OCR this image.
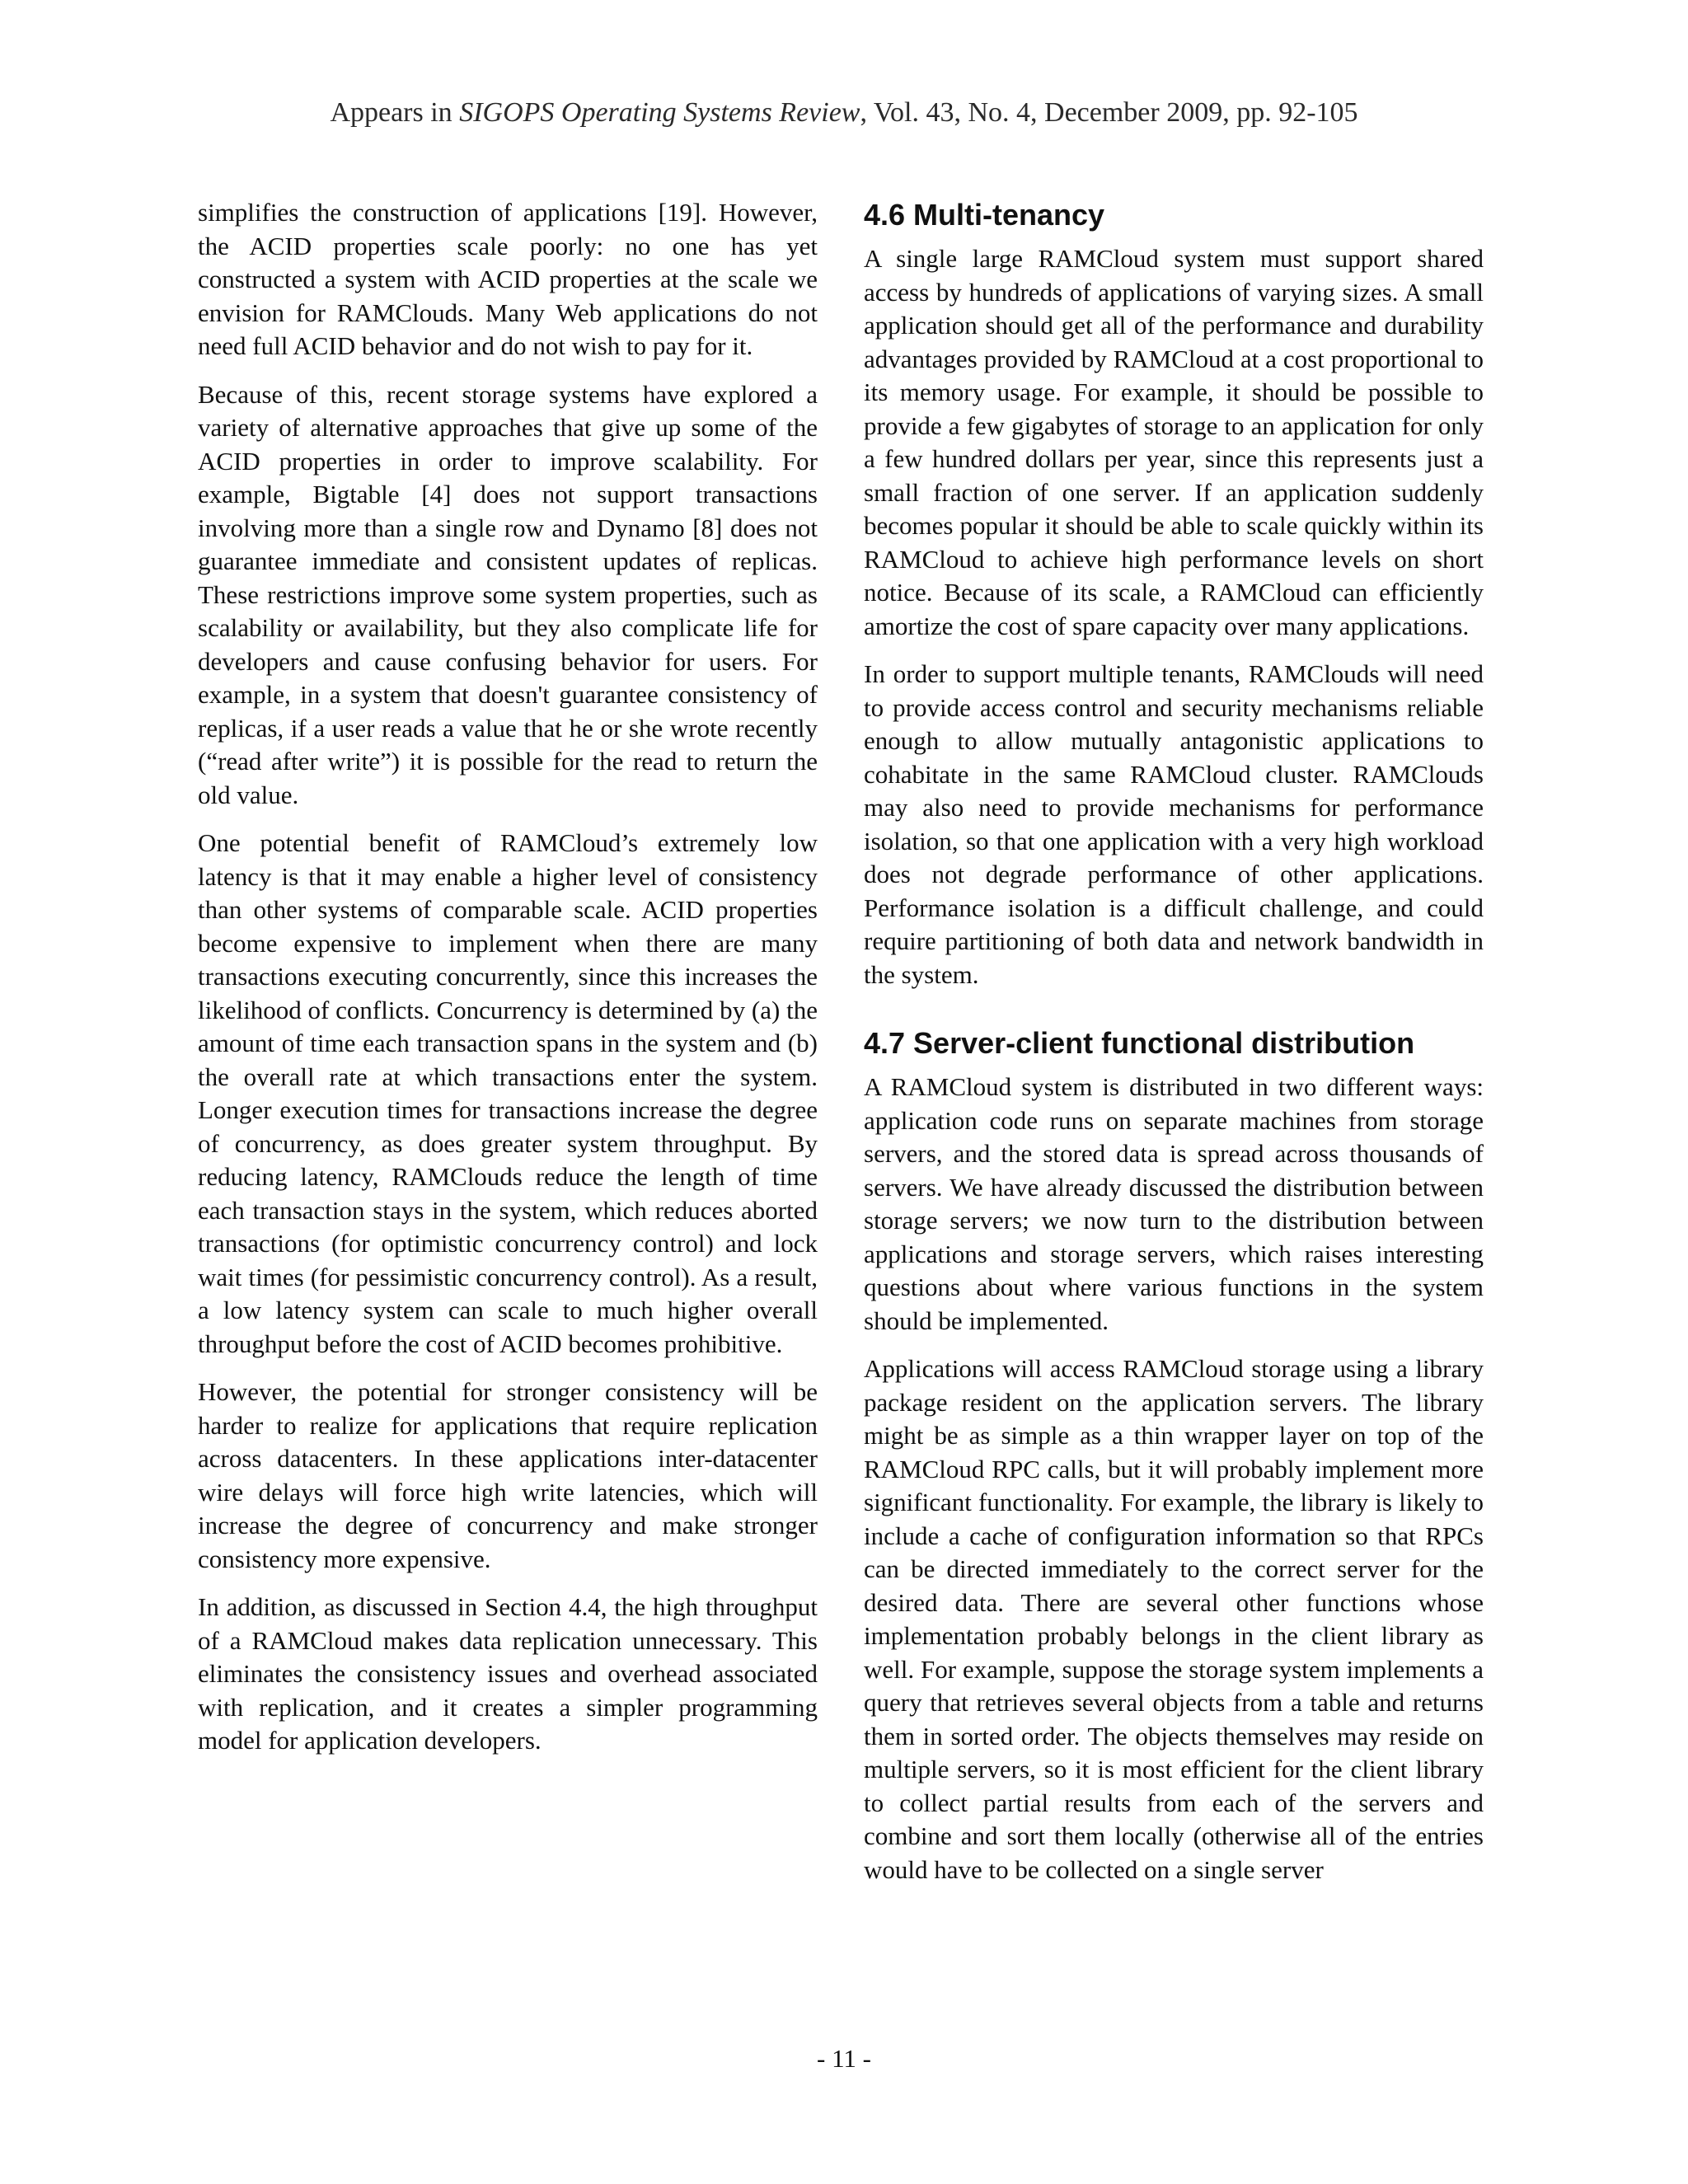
Appears in SIGOPS Operating Systems Review, Vol. 43, No. 4, December 2009, pp. 92-105

simplifies the construction of applications [19]. However, the ACID properties scale poorly: no one has yet constructed a system with ACID properties at the scale we envision for RAMClouds. Many Web applications do not need full ACID behavior and do not wish to pay for it.

Because of this, recent storage systems have explored a variety of alternative approaches that give up some of the ACID properties in order to improve scalability. For example, Bigtable [4] does not support transactions involving more than a single row and Dynamo [8] does not guarantee immediate and consistent updates of replicas. These restrictions improve some system properties, such as scalability or availability, but they also complicate life for developers and cause confusing behavior for users. For example, in a system that doesn't guarantee consistency of replicas, if a user reads a value that he or she wrote recently (“read after write”) it is possible for the read to return the old value.

One potential benefit of RAMCloud’s extremely low latency is that it may enable a higher level of consistency than other systems of comparable scale. ACID properties become expensive to implement when there are many transactions executing concurrently, since this increases the likelihood of conflicts. Concurrency is determined by (a) the amount of time each transaction spans in the system and (b) the overall rate at which transactions enter the system. Longer execution times for transactions increase the degree of concurrency, as does greater system throughput. By reducing latency, RAMClouds reduce the length of time each transaction stays in the system, which reduces aborted transactions (for optimistic concurrency control) and lock wait times (for pessimistic concurrency control). As a result, a low latency system can scale to much higher overall throughput before the cost of ACID becomes prohibitive.

However, the potential for stronger consistency will be harder to realize for applications that require replication across datacenters. In these applications inter-datacenter wire delays will force high write latencies, which will increase the degree of concurrency and make stronger consistency more expensive.

In addition, as discussed in Section 4.4, the high throughput of a RAMCloud makes data replication unnecessary. This eliminates the consistency issues and overhead associated with replication, and it creates a simpler programming model for application developers.

4.6 Multi-tenancy

A single large RAMCloud system must support shared access by hundreds of applications of varying sizes. A small application should get all of the performance and durability advantages provided by RAMCloud at a cost proportional to its memory usage. For example, it should be possible to provide a few gigabytes of storage to an application for only a few hundred dollars per year, since this represents just a small fraction of one server. If an application suddenly becomes popular it should be able to scale quickly within its RAMCloud to achieve high performance levels on short notice. Because of its scale, a RAMCloud can efficiently amortize the cost of spare capacity over many applications.

In order to support multiple tenants, RAMClouds will need to provide access control and security mechanisms reliable enough to allow mutually antagonistic applications to cohabitate in the same RAMCloud cluster. RAMClouds may also need to provide mechanisms for performance isolation, so that one application with a very high workload does not degrade performance of other applications. Performance isolation is a difficult challenge, and could require partitioning of both data and network bandwidth in the system.

4.7 Server-client functional distribution

A RAMCloud system is distributed in two different ways: application code runs on separate machines from storage servers, and the stored data is spread across thousands of servers. We have already discussed the distribution between storage servers; we now turn to the distribution between applications and storage servers, which raises interesting questions about where various functions in the system should be implemented.

Applications will access RAMCloud storage using a library package resident on the application servers. The library might be as simple as a thin wrapper layer on top of the RAMCloud RPC calls, but it will probably implement more significant functionality. For example, the library is likely to include a cache of configuration information so that RPCs can be directed immediately to the correct server for the desired data. There are several other functions whose implementation probably belongs in the client library as well. For example, suppose the storage system implements a query that retrieves several objects from a table and returns them in sorted order. The objects themselves may reside on multiple servers, so it is most efficient for the client library to collect partial results from each of the servers and combine and sort them locally (otherwise all of the entries would have to be collected on a single server

- 11 -
